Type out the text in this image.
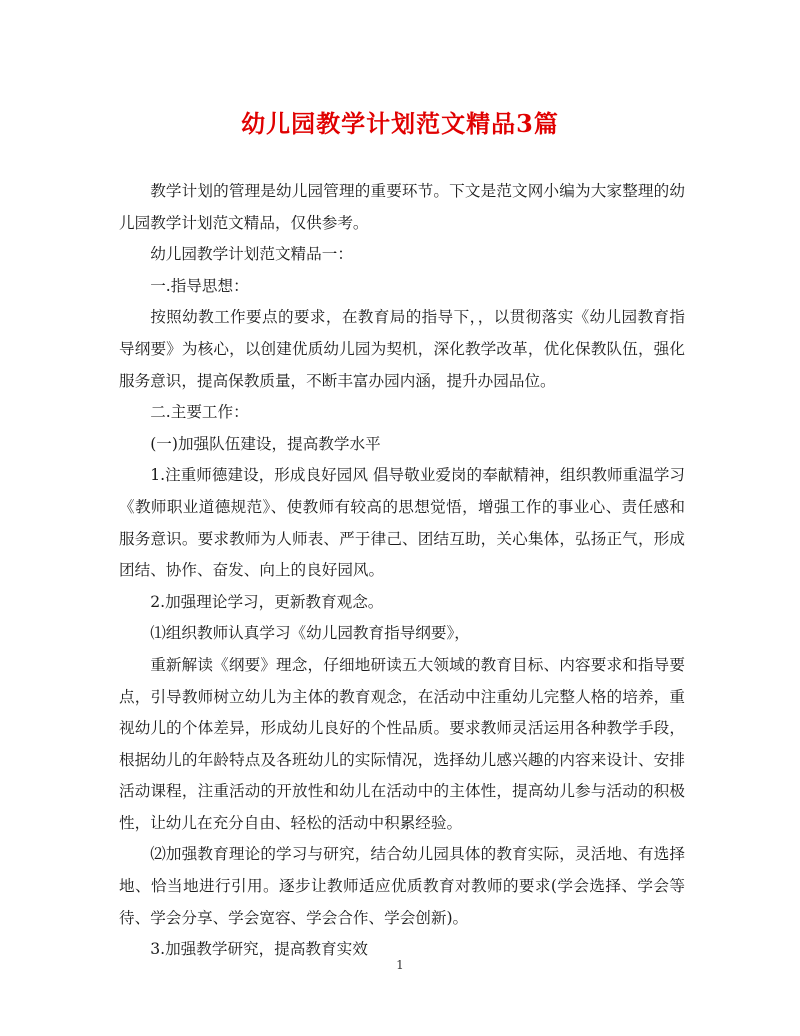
幼儿园教学计划范文精品3篇

教学计划的管理是幼儿园管理的重要环节。下文是范文网小编为大家整理的幼儿园教学计划范文精品，仅供参考。

幼儿园教学计划范文精品一：

一.指导思想：

按照幼教工作要点的要求，在教育局的指导下，，以贯彻落实《幼儿园教育指导纲要》为核心，以创建优质幼儿园为契机，深化教学改革，优化保教队伍，强化服务意识，提高保教质量，不断丰富办园内涵，提升办园品位。

二.主要工作：

(一)加强队伍建设，提高教学水平

1.注重师德建设，形成良好园风 倡导敬业爱岗的奉献精神，组织教师重温学习《教师职业道德规范》、使教师有较高的思想觉悟，增强工作的事业心、责任感和服务意识。要求教师为人师表、严于律己、团结互助，关心集体，弘扬正气，形成团结、协作、奋发、向上的良好园风。

2.加强理论学习，更新教育观念。

⑴组织教师认真学习《幼儿园教育指导纲要》，

重新解读《纲要》理念，仔细地研读五大领域的教育目标、内容要求和指导要点，引导教师树立幼儿为主体的教育观念，在活动中注重幼儿完整人格的培养，重视幼儿的个体差异，形成幼儿良好的个性品质。要求教师灵活运用各种教学手段，根据幼儿的年龄特点及各班幼儿的实际情况，选择幼儿感兴趣的内容来设计、安排活动课程，注重活动的开放性和幼儿在活动中的主体性，提高幼儿参与活动的积极性，让幼儿在充分自由、轻松的活动中积累经验。

⑵加强教育理论的学习与研究，结合幼儿园具体的教育实际，灵活地、有选择地、恰当地进行引用。逐步让教师适应优质教育对教师的要求(学会选择、学会等待、学会分享、学会宽容、学会合作、学会创新)。

3.加强教学研究，提高教育实效

1
